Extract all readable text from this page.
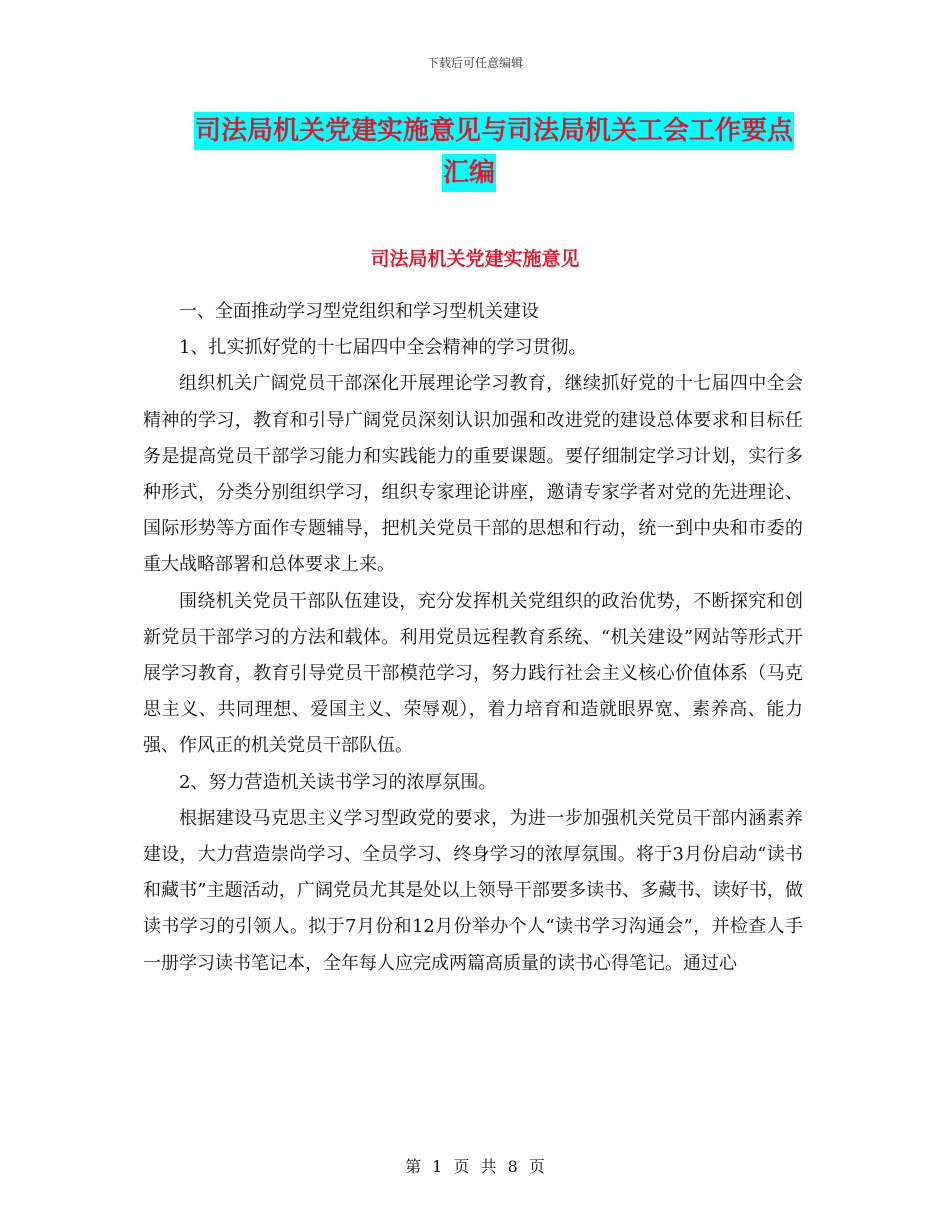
下载后可任意编辑
司法局机关党建实施意见与司法局机关工会工作要点
汇编
司法局机关党建实施意见

一、全面推动学习型党组织和学习型机关建设

1、扎实抓好党的十七届四中全会精神的学习贯彻。

组织机关广阔党员干部深化开展理论学习教育，继续抓好党的十七届四中全会精神的学习，教育和引导广阔党员深刻认识加强和改进党的建设总体要求和目标任务是提高党员干部学习能力和实践能力的重要课题。要仔细制定学习计划，实行多种形式，分类分别组织学习，组织专家理论讲座，邀请专家学者对党的先进理论、国际形势等方面作专题辅导，把机关党员干部的思想和行动，统一到中央和市委的重大战略部署和总体要求上来。

围绕机关党员干部队伍建设，充分发挥机关党组织的政治优势，不断探究和创新党员干部学习的方法和载体。利用党员远程教育系统、“机关建设”网站等形式开展学习教育，教育引导党员干部模范学习，努力践行社会主义核心价值体系（马克思主义、共同理想、爱国主义、荣辱观），着力培育和造就眼界宽、素养高、能力强、作风正的机关党员干部队伍。

2、努力营造机关读书学习的浓厚氛围。

根据建设马克思主义学习型政党的要求，为进一步加强机关党员干部内涵素养建设，大力营造崇尚学习、全员学习、终身学习的浓厚氛围。将于3月份启动“读书和藏书”主题活动，广阔党员尤其是处以上领导干部要多读书、多藏书、读好书，做读书学习的引领人。拟于7月份和12月份举办个人“读书学习沟通会”，并检查人手一册学习读书笔记本，全年每人应完成两篇高质量的读书心得笔记。通过心

第 1 页 共 8 页
